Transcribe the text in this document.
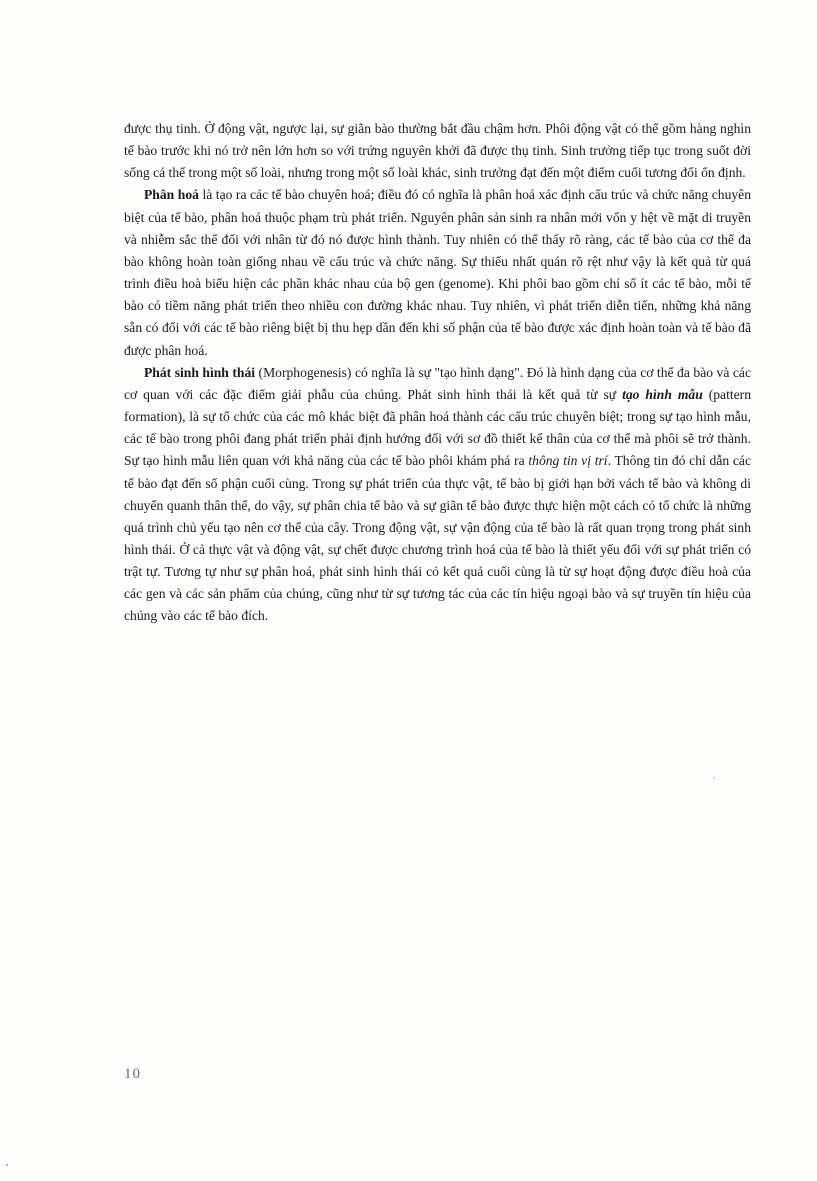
được thụ tinh. Ở động vật, ngược lại, sự giãn bào thường bắt đầu chậm hơn. Phôi động vật có thể gồm hàng nghìn tế bào trước khi nó trở nên lớn hơn so với trứng nguyên khởi đã được thụ tinh. Sinh trưởng tiếp tục trong suốt đời sống cá thể trong một số loài, nhưng trong một số loài khác, sinh trưởng đạt đến một điểm cuối tương đối ổn định.

Phân hoá là tạo ra các tế bào chuyên hoá; điều đó có nghĩa là phân hoá xác định cấu trúc và chức năng chuyên biệt của tế bào, phân hoá thuộc phạm trù phát triển. Nguyên phân sản sinh ra nhân mới vốn y hệt về mặt di truyền và nhiễm sắc thể đối với nhân từ đó nó được hình thành. Tuy nhiên có thể thấy rõ ràng, các tế bào của cơ thể đa bào không hoàn toàn giống nhau về cấu trúc và chức năng. Sự thiếu nhất quán rõ rệt như vậy là kết quả từ quá trình điều hoà biểu hiện các phần khác nhau của bộ gen (genome). Khi phôi bao gồm chỉ số ít các tế bào, mỗi tế bào có tiềm năng phát triển theo nhiều con đường khác nhau. Tuy nhiên, vì phát triển diễn tiến, những khả năng sẵn có đối với các tế bào riêng biệt bị thu hẹp dần đến khi số phận của tế bào được xác định hoàn toàn và tế bào đã được phân hoá.

Phát sinh hình thái (Morphogenesis) có nghĩa là sự "tạo hình dạng". Đó là hình dạng của cơ thể đa bào và các cơ quan với các đặc điểm giải phẫu của chúng. Phát sinh hình thái là kết quả từ sự tạo hình mẫu (pattern formation), là sự tổ chức của các mô khác biệt đã phân hoá thành các cấu trúc chuyên biệt; trong sự tạo hình mẫu, các tế bào trong phôi đang phát triển phải định hướng đối với sơ đồ thiết kế thân của cơ thể mà phôi sẽ trở thành. Sự tạo hình mẫu liên quan với khả năng của các tế bào phôi khám phá ra thông tin vị trí. Thông tin đó chỉ dẫn các tế bào đạt đến số phận cuối cùng. Trong sự phát triển của thực vật, tế bào bị giới hạn bởi vách tế bào và không di chuyển quanh thân thể, do vậy, sự phân chia tế bào và sự giãn tế bào được thực hiện một cách có tổ chức là những quá trình chủ yếu tạo nên cơ thể của cây. Trong động vật, sự vận động của tế bào là rất quan trọng trong phát sinh hình thái. Ở cả thực vật và động vật, sự chết được chương trình hoá của tế bào là thiết yếu đối với sự phát triển có trật tự. Tương tự như sự phân hoá, phát sinh hình thái có kết quả cuối cùng là từ sự hoạt động được điều hoà của các gen và các sản phẩm của chúng, cũng như từ sự tương tác của các tín hiệu ngoại bào và sự truyền tín hiệu của chúng vào các tế bào đích.

10
